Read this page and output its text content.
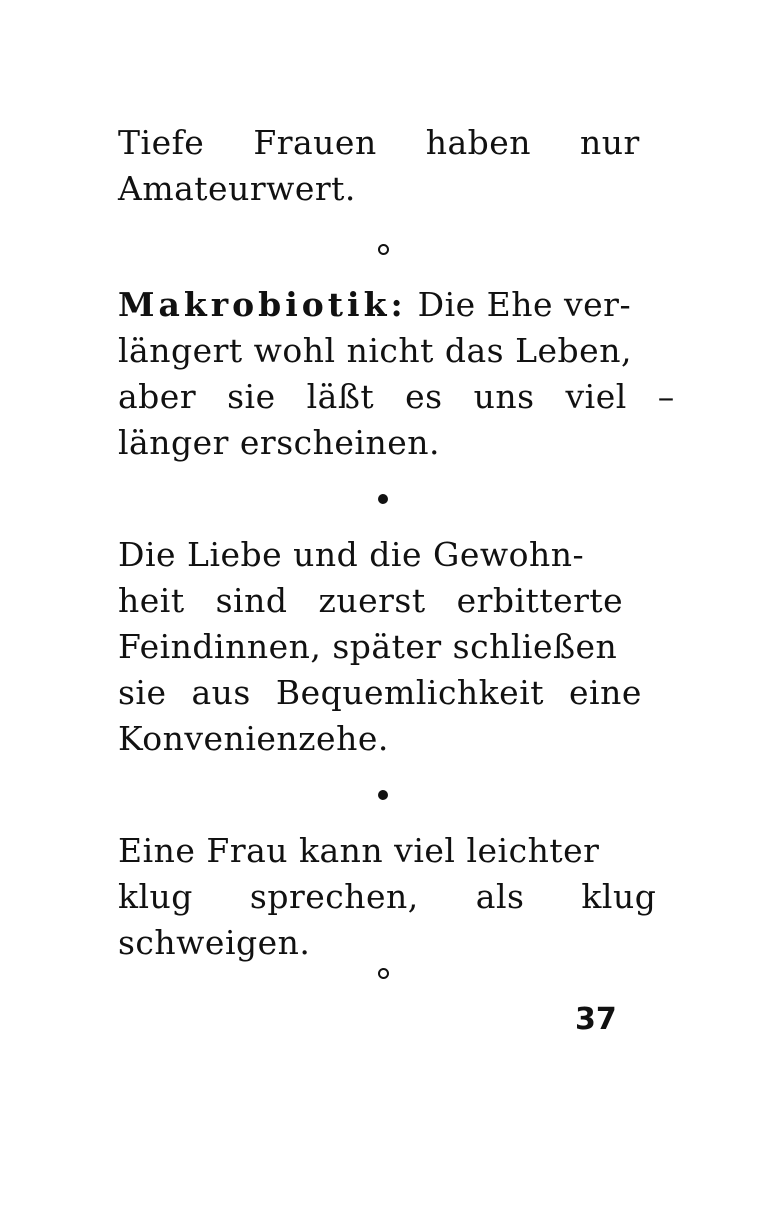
Tiefe Frauen haben nur
Amateurwert.
Makrobiotik: Die Ehe ver-
längert wohl nicht das Leben,
aber sie läßt es uns viel –
länger erscheinen.
Die Liebe und die Gewohn-
heit sind zuerst erbitterte
Feindinnen, später schließen
sie aus Bequemlichkeit eine
Konvenienzehe.
Eine Frau kann viel leichter
klug sprechen, als klug
schweigen.
37
